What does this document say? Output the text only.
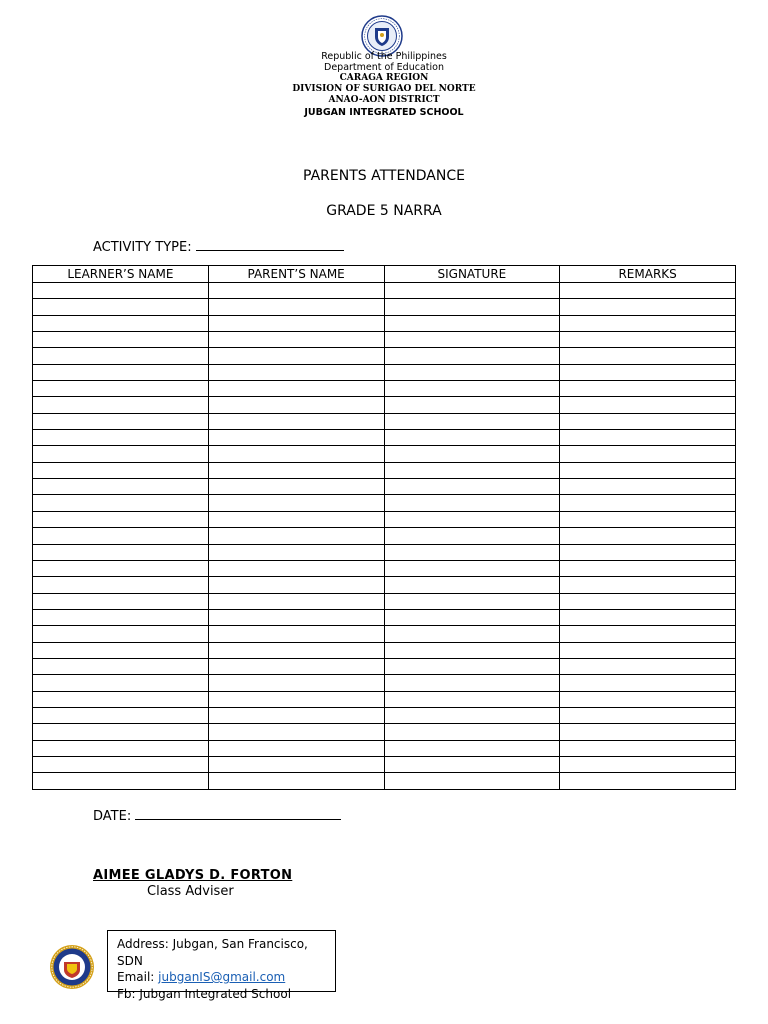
Republic of the Philippines
Department of Education
CARAGA REGION
DIVISION OF SURIGAO DEL NORTE
ANAO-AON DISTRICT
JUBGAN INTEGRATED SCHOOL
PARENTS ATTENDANCE
GRADE 5 NARRA
ACTIVITY TYPE:
LEARNER’S NAME	PARENT’S NAME	SIGNATURE	REMARKS

DATE:
AIMEE GLADYS D. FORTON
Class Adviser
Address: Jubgan, San Francisco, SDN
Email: jubganIS@gmail.com
Fb: Jubgan Integrated School
